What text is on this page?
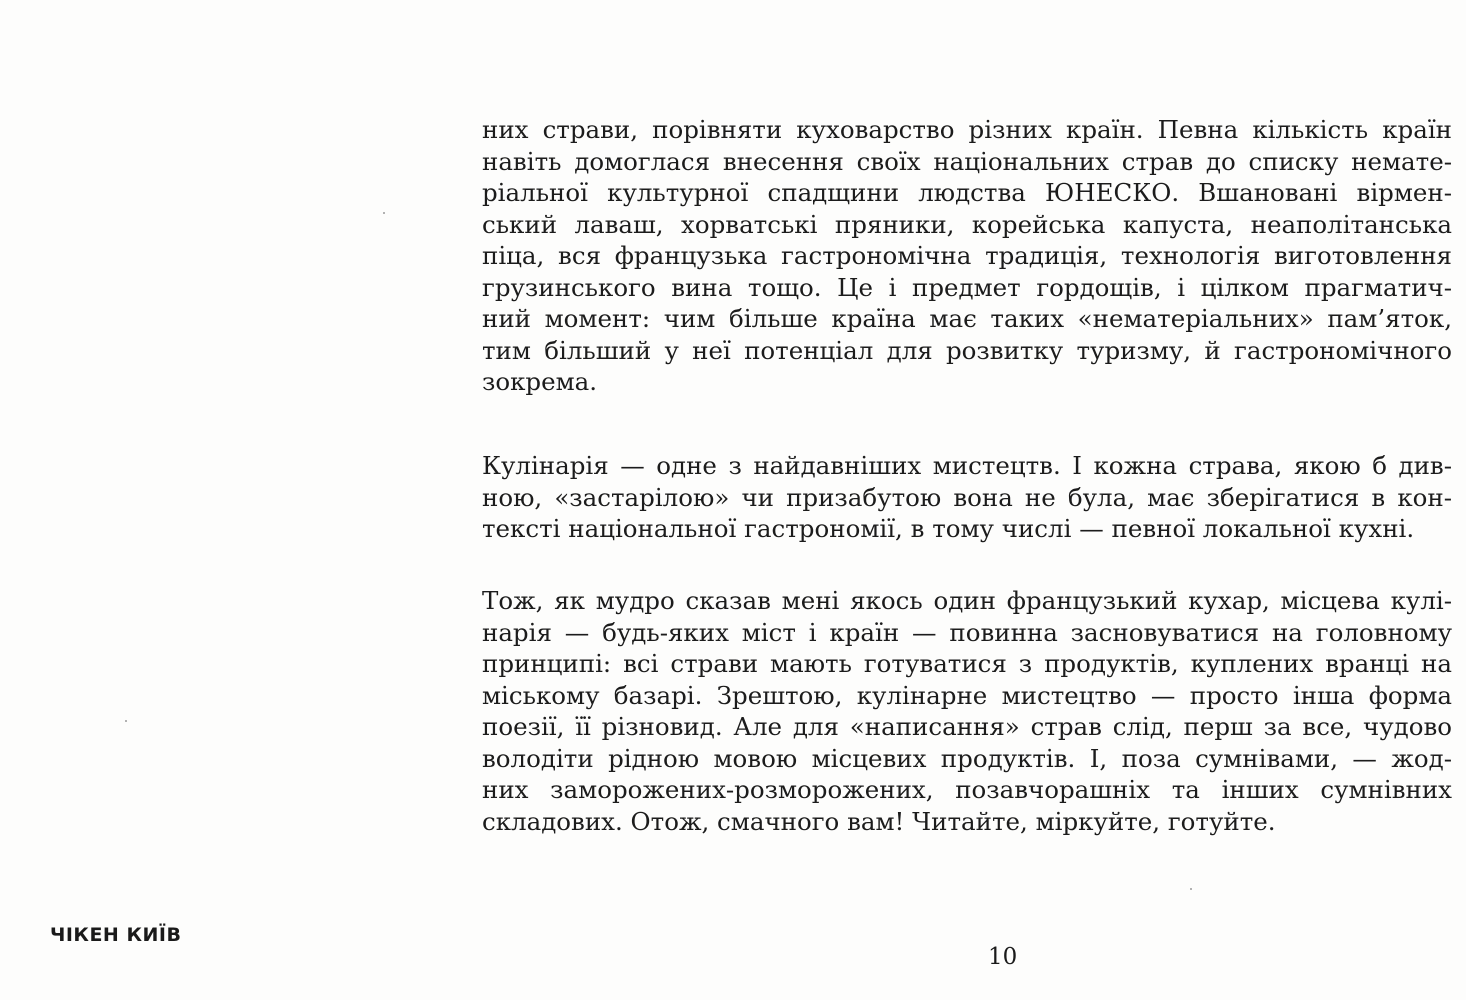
них страви, порівняти куховарство різних країн. Певна кількість країн
навіть домоглася внесення своїх національних страв до списку немате-
ріальної культурної спадщини людства ЮНЕСКО. Вшановані вірмен-
ський лаваш, хорватські пряники, корейська капуста, неаполітанська
піца, вся французька гастрономічна традиція, технологія виготовлення
грузинського вина тощо. Це і предмет гордощів, і цілком прагматич-
ний момент: чим більше країна має таких «нематеріальних» пам’яток,
тим більший у неї потенціал для розвитку туризму, й гастрономічного
зокрема.
Кулінарія — одне з найдавніших мистецтв. І кожна страва, якою б див-
ною, «застарілою» чи призабутою вона не була, має зберігатися в кон-
тексті національної гастрономії, в тому числі — певної локальної кухні.
Тож, як мудро сказав мені якось один французький кухар, місцева кулі-
нарія — будь-яких міст і країн — повинна засновуватися на головному
принципі: всі страви мають готуватися з продуктів, куплених вранці на
міському базарі. Зрештою, кулінарне мистецтво — просто інша форма
поезії, її різновид. Але для «написання» страв слід, перш за все, чудово
володіти рідною мовою місцевих продуктів. І, поза сумнівами, — жод-
них заморожених-розморожених, позавчорашніх та інших сумнівних
складових. Отож, смачного вам! Читайте, міркуйте, готуйте.
ЧІКЕН КИЇВ
10
